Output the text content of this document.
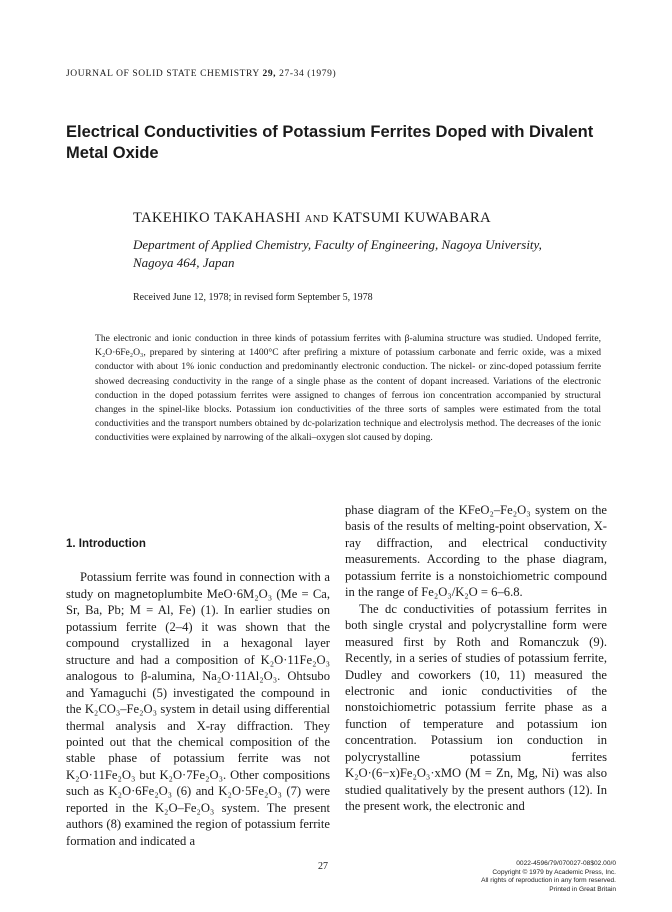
JOURNAL OF SOLID STATE CHEMISTRY 29, 27-34 (1979)
Electrical Conductivities of Potassium Ferrites Doped with Divalent Metal Oxide
TAKEHIKO TAKAHASHI AND KATSUMI KUWABARA
Department of Applied Chemistry, Faculty of Engineering, Nagoya University,
Nagoya 464, Japan
Received June 12, 1978; in revised form September 5, 1978
The electronic and ionic conduction in three kinds of potassium ferrites with β-alumina structure was studied. Undoped ferrite, K₂O·6Fe₂O₃, prepared by sintering at 1400°C after prefiring a mixture of potassium carbonate and ferric oxide, was a mixed conductor with about 1% ionic conduction and predominantly electronic conduction. The nickel- or zinc-doped potassium ferrite showed decreasing conductivity in the range of a single phase as the content of dopant increased. Variations of the electronic conduction in the doped potassium ferrites were assigned to changes of ferrous ion concentration accompanied by structural changes in the spinel-like blocks. Potassium ion conductivities of the three sorts of samples were estimated from the total conductivities and the transport numbers obtained by dc-polarization technique and electrolysis method. The decreases of the ionic conductivities were explained by narrowing of the alkali–oxygen slot caused by doping.
1. Introduction

Potassium ferrite was found in connection with a study on magnetoplumbite MeO·6M₂O₃ (Me = Ca, Sr, Ba, Pb; M = Al, Fe) (1). In earlier studies on potassium ferrite (2–4) it was shown that the compound crystallized in a hexagonal layer structure and had a composition of K₂O·11Fe₂O₃ analogous to β-alumina, Na₂O·11Al₂O₃. Ohtsubo and Yamaguchi (5) investigated the compound in the K₂CO₃–Fe₂O₃ system in detail using differential thermal analysis and X-ray diffraction. They pointed out that the chemical composition of the stable phase of potassium ferrite was not K₂O·11Fe₂O₃ but K₂O·7Fe₂O₃. Other compositions such as K₂O·6Fe₂O₃ (6) and K₂O·5Fe₂O₃ (7) were reported in the K₂O–Fe₂O₃ system. The present authors (8) examined the region of potassium ferrite formation and indicated a

phase diagram of the KFeO₂–Fe₂O₃ system on the basis of the results of melting-point observation, X-ray diffraction, and electrical conductivity measurements. According to the phase diagram, potassium ferrite is a nonstoichiometric compound in the range of Fe₂O₃/K₂O = 6–6.8.

The dc conductivities of potassium ferrites in both single crystal and polycrystalline form were measured first by Roth and Romanczuk (9). Recently, in a series of studies of potassium ferrite, Dudley and coworkers (10, 11) measured the electronic and ionic conductivities of the nonstoichiometric potassium ferrite phase as a function of temperature and potassium ion concentration. Potassium ion conduction in polycrystalline potassium ferrites K₂O·(6−x)Fe₂O₃·xMO (M = Zn, Mg, Ni) was also studied qualitatively by the present authors (12). In the present work, the electronic and

27	0022-4596/79/070027-08$02.00/0
Copyright © 1979 by Academic Press, Inc.
All rights of reproduction in any form reserved.
Printed in Great Britain
